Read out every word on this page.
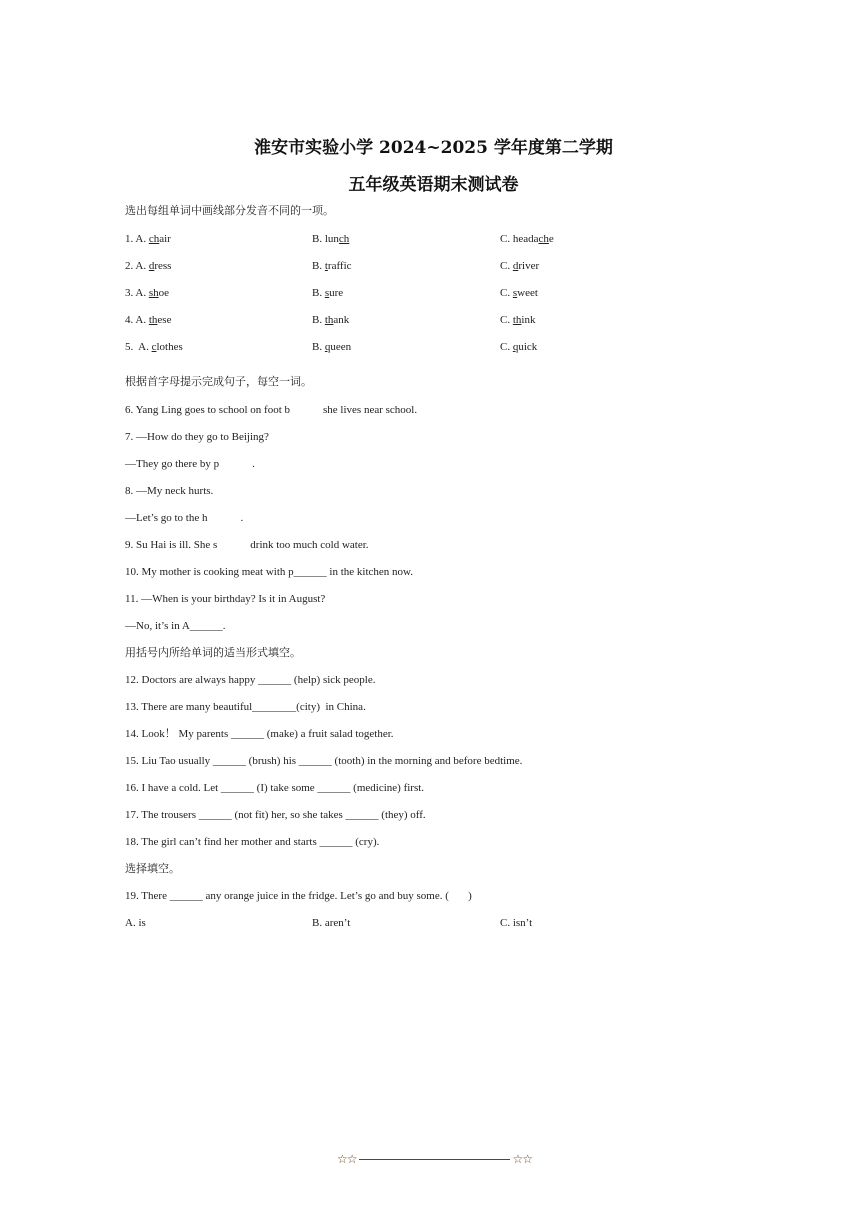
淮安市实验小学 2024~2025 学年度第二学期
五年级英语期末测试卷
选出每组单词中画线部分发音不同的一项。
1. A. chair	B. lunch	C. headache
2. A. dress	B. traffic	C. driver
3. A. shoe	B. sure	C. sweet
4. A. these	B. thank	C. think
5.  A. clothes	B. queen	C. quick
根据首字母提示完成句子，每空一词。
6. Yang Ling goes to school on foot b            she lives near school.
7. —How do they go to Beijing?
—They go there by p            .
8. —My neck hurts.
—Let’s go to the h            .
9. Su Hai is ill. She s            drink too much cold water.
10. My mother is cooking meat with p______ in the kitchen now.
11. —When is your birthday? Is it in August?
—No, it’s in A______.
用括号内所给单词的适当形式填空。
12. Doctors are always happy ______ (help) sick people.
13. There are many beautiful________(city)  in China.
14. Look！ My parents ______ (make) a fruit salad together.
15. Liu Tao usually ______ (brush) his ______ (tooth) in the morning and before bedtime.
16. I have a cold. Let ______ (I) take some ______ (medicine) first.
17. The trousers ______ (not fit) her, so she takes ______ (they) off.
18. The girl can’t find her mother and starts ______ (cry).
选择填空。
19. There ______ any orange juice in the fridge. Let’s go and buy some. (       )
A. is	B. aren’t	C. isn’t
☆☆	☆☆
